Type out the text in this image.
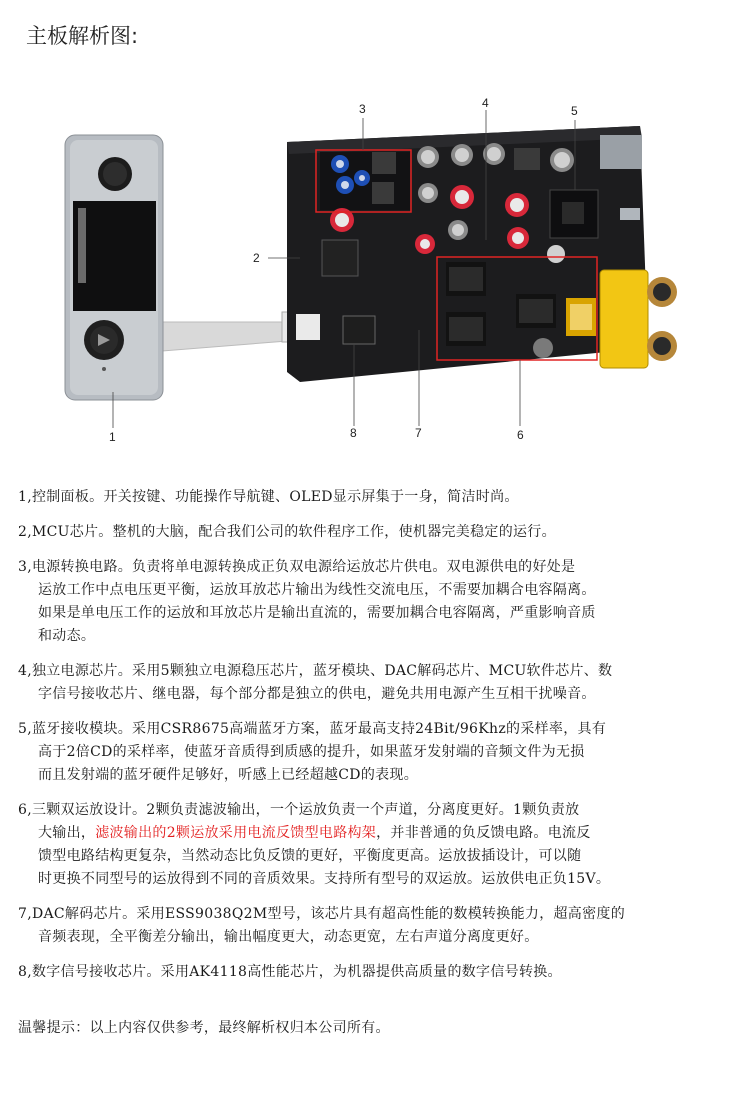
主板解析图:
1
2
3	4
5
6
7
8

1,控制面板。开关按键、功能操作导航键、OLED显示屏集于一身，简洁时尚。

2,MCU芯片。整机的大脑，配合我们公司的软件程序工作，使机器完美稳定的运行。

3,电源转换电路。负责将单电源转换成正负双电源给运放芯片供电。双电源供电的好处是
运放工作中点电压更平衡，运放耳放芯片输出为线性交流电压，不需要加耦合电容隔离。
如果是单电压工作的运放和耳放芯片是输出直流的，需要加耦合电容隔离，严重影响音质
和动态。

4,独立电源芯片。采用5颗独立电源稳压芯片，蓝牙模块、DAC解码芯片、MCU软件芯片、数
字信号接收芯片、继电器，每个部分都是独立的供电，避免共用电源产生互相干扰噪音。

5,蓝牙接收模块。采用CSR8675高端蓝牙方案，蓝牙最高支持24Bit/96Khz的采样率，具有
高于2倍CD的采样率，使蓝牙音质得到质感的提升，如果蓝牙发射端的音频文件为无损
而且发射端的蓝牙硬件足够好，听感上已经超越CD的表现。

6,三颗双运放设计。2颗负责滤波输出，一个运放负责一个声道，分离度更好。1颗负责放
大输出，滤波输出的2颗运放采用电流反馈型电路构架，并非普通的负反馈电路。电流反
馈型电路结构更复杂，当然动态比负反馈的更好，平衡度更高。运放拔插设计，可以随
时更换不同型号的运放得到不同的音质效果。支持所有型号的双运放。运放供电正负15V。

7,DAC解码芯片。采用ESS9038Q2M型号，该芯片具有超高性能的数模转换能力，超高密度的
音频表现，全平衡差分输出，输出幅度更大，动态更宽，左右声道分离度更好。

8,数字信号接收芯片。采用AK4118高性能芯片，为机器提供高质量的数字信号转换。

温馨提示：以上内容仅供参考，最终解析权归本公司所有。
